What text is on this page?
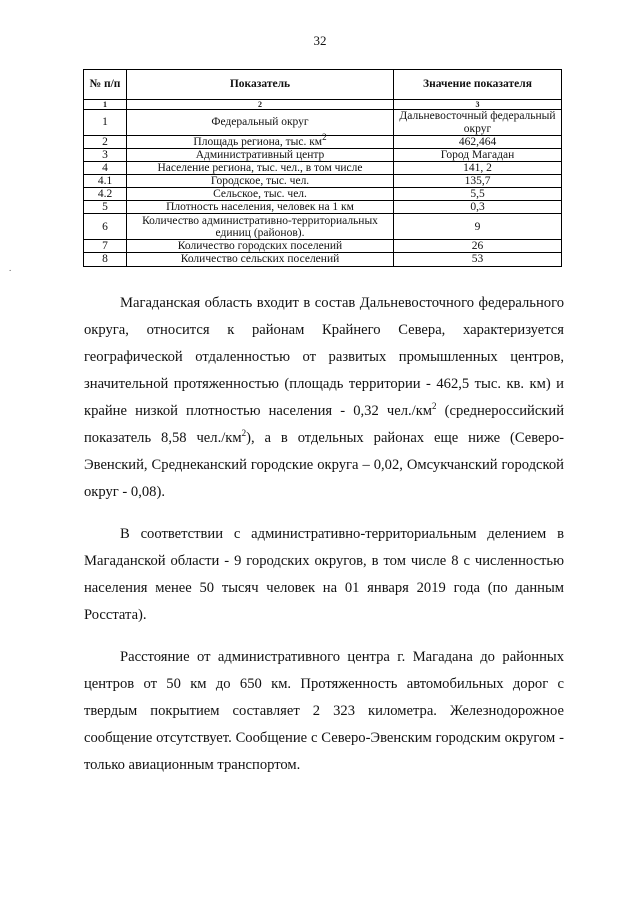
32
.
№ п/п	Показатель	Значение показателя
1	2	3
1	Федеральный округ	Дальневосточный федеральный округ
2	Площадь региона, тыс. $км^2$	462,464
3	Административный центр	Город Магадан
4	Население региона, тыс. чел., в том числе	141, 2
4.1	Городское, тыс. чел.	135,7
4.2	Сельское, тыс. чел.	5,5
5	Плотность населения, человек на 1 км	0,3
6	Количество административно-территориальных единиц (районов).	9
7	Количество городских поселений	26
8	Количество сельских поселений	53

Магаданская область входит в состав Дальневосточного федерального округа, относится к районам Крайнего Севера, характеризуется географической отдаленностью от развитых промышленных центров, значительной протяженностью (площадь территории - 462,5 тыс. кв. км) и крайне низкой плотностью населения - 0,32 $чел./км^2$ (среднероссийский показатель 8,58 $чел./км^2$), а в отдельных районах еще ниже (Северо-Эвенский, Среднеканский городские округа – 0,02, Омсукчанский городской округ - 0,08).

В соответствии с административно-территориальным делением в Магаданской области - 9 городских округов, в том числе 8 с численностью населения менее 50 тысяч человек на 01 января 2019 года (по данным Росстата).

Расстояние от административного центра г. Магадана до районных центров от 50 км до 650 км. Протяженность автомобильных дорог с твердым покрытием составляет 2 323 километра. Железнодорожное сообщение отсутствует. Сообщение с Северо-Эвенским городским округом - только авиационным транспортом.
